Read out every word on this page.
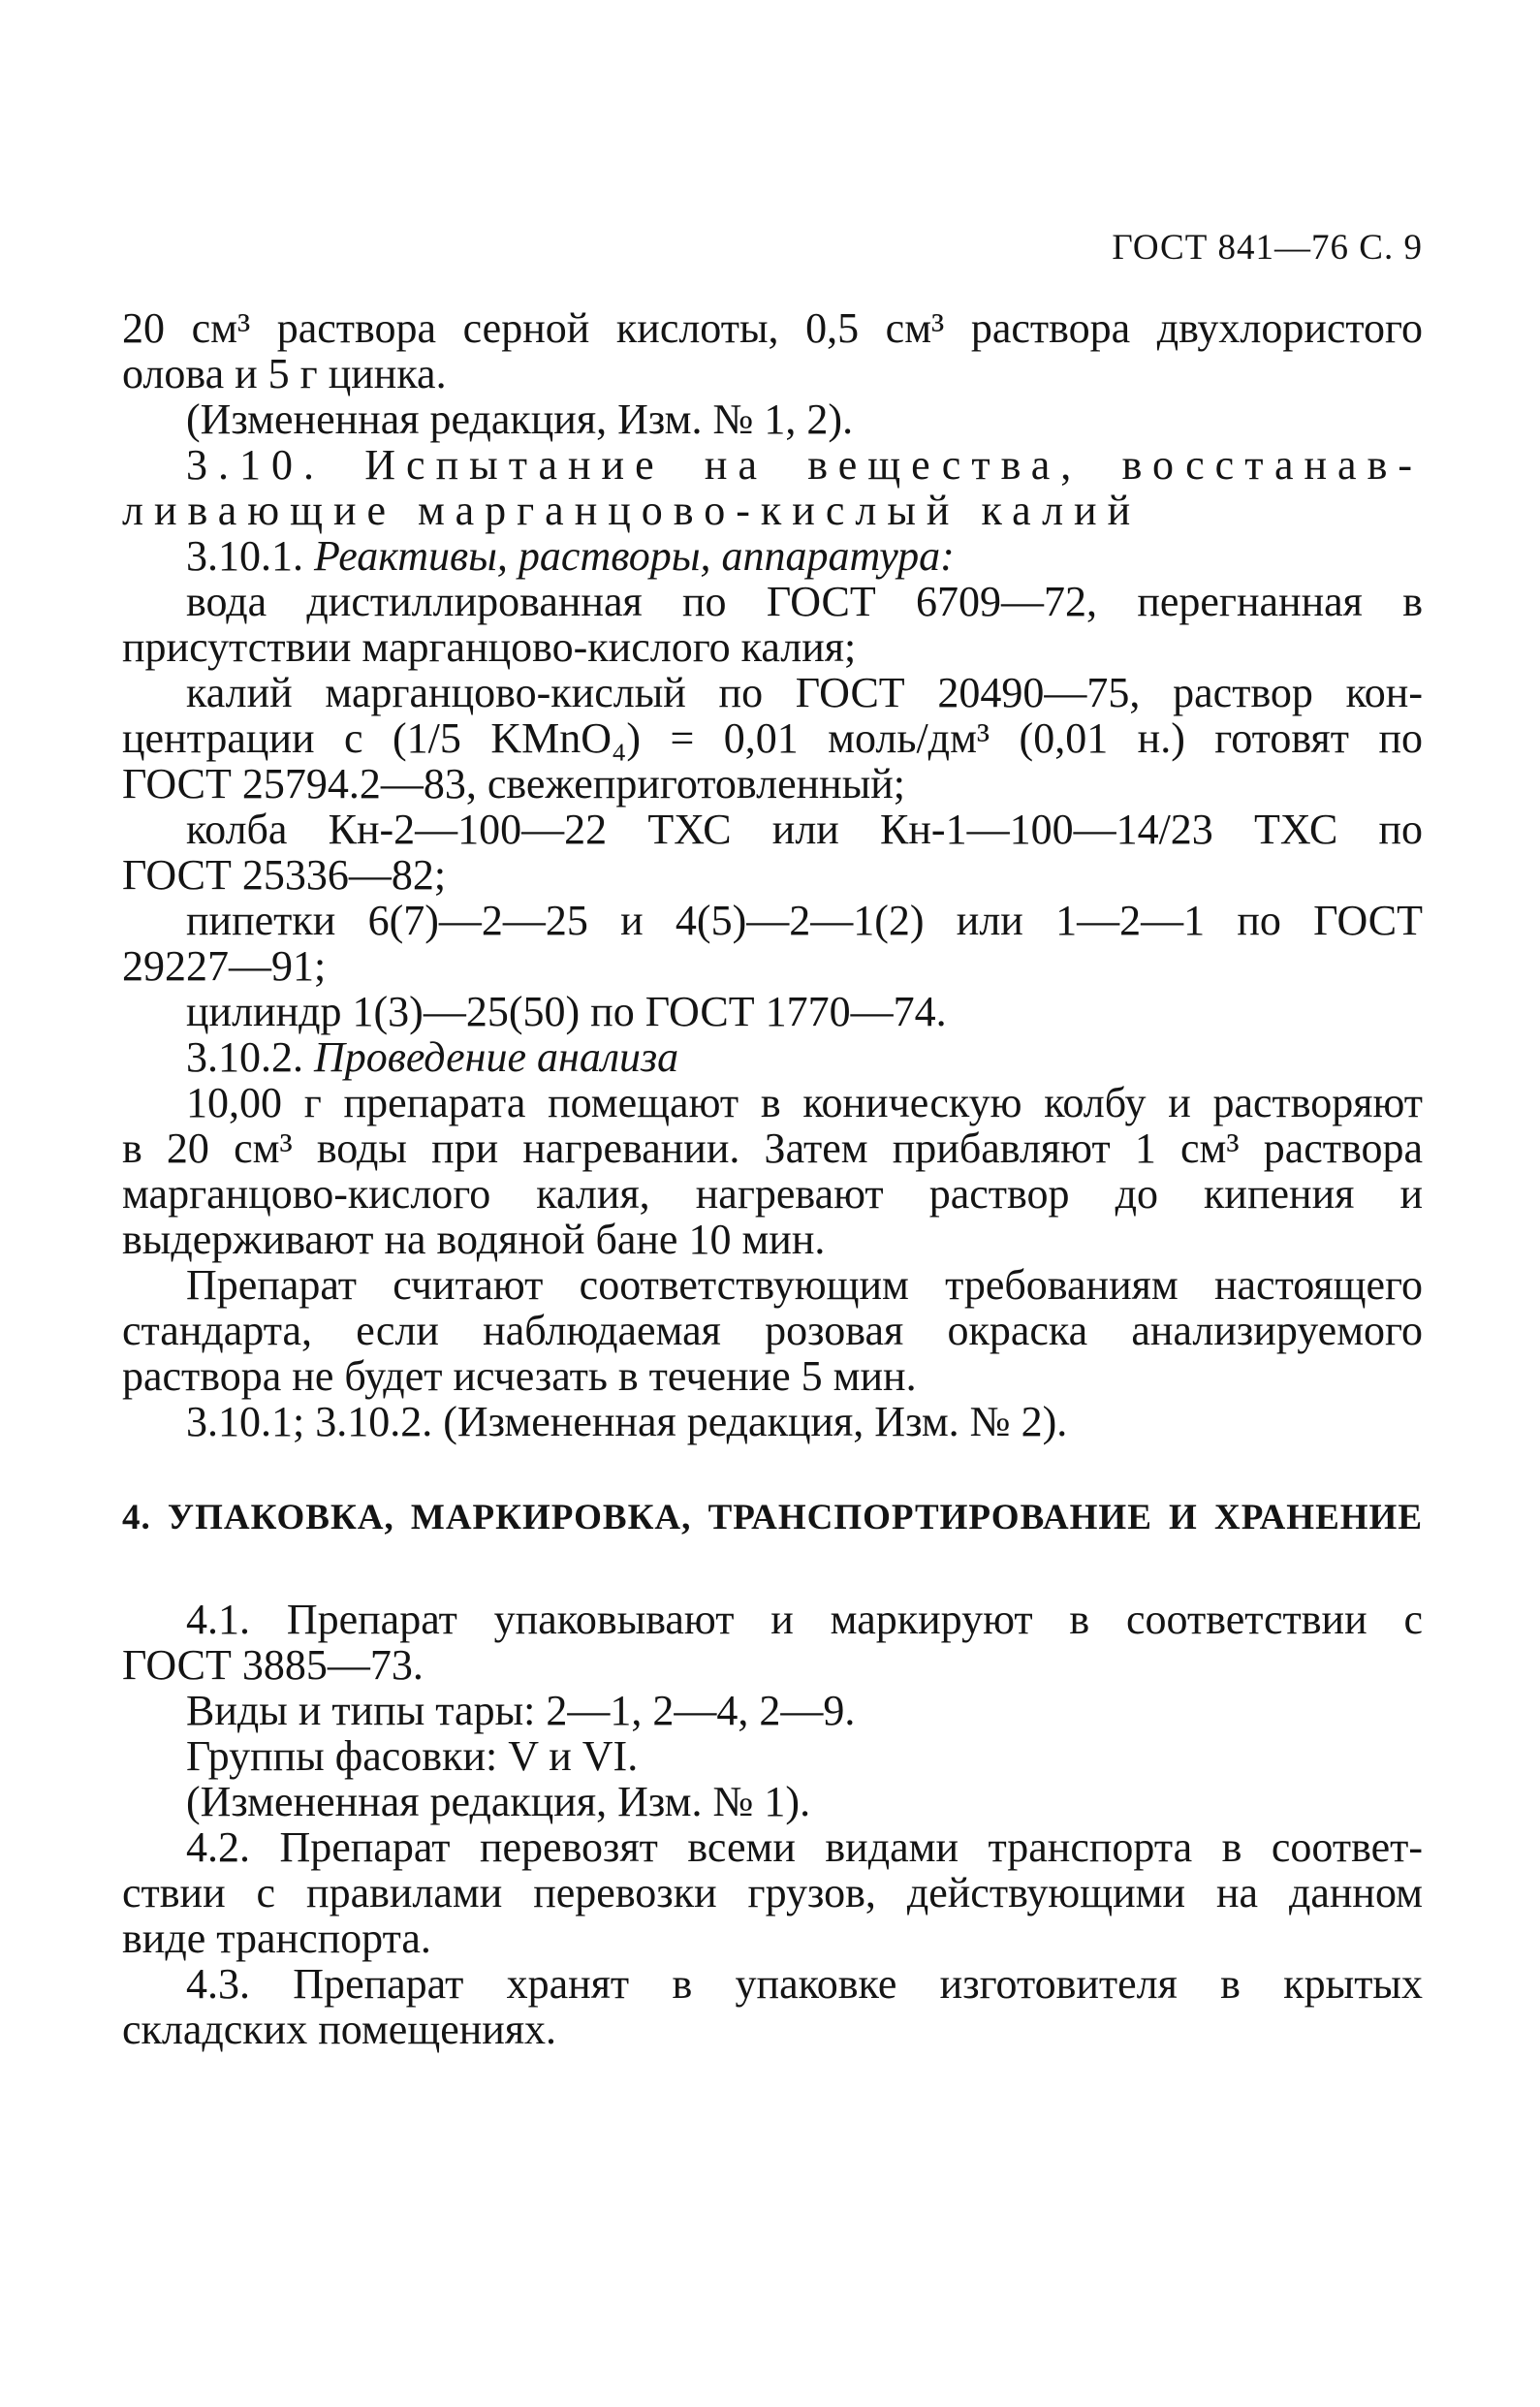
ГОСТ 841—76 С. 9
20 см³ раствора серной кислоты, 0,5 см³ раствора двухлористого
олова и 5 г цинка.
(Измененная редакция, Изм. № 1, 2).
3.10. Испытание на вещества, восстанав-
ливающие марганцово-кислый калий
3.10.1. Реактивы, растворы, аппаратура:
вода дистиллированная по ГОСТ 6709—72, перегнанная в
присутствии марганцово-кислого калия;
калий марганцово-кислый по ГОСТ 20490—75, раствор кон-
центрации c (1/5 KMnO₄) = 0,01 моль/дм³ (0,01 н.) готовят по
ГОСТ 25794.2—83, свежеприготовленный;
колба Кн-2—100—22 ТХС или Кн-1—100—14/23 ТХС по
ГОСТ 25336—82;
пипетки 6(7)—2—25 и 4(5)—2—1(2) или 1—2—1 по ГОСТ
29227—91;
цилиндр 1(3)—25(50) по ГОСТ 1770—74.
3.10.2. Проведение анализа
10,00 г препарата помещают в коническую колбу и растворяют
в 20 см³ воды при нагревании. Затем прибавляют 1 см³ раствора
марганцово-кислого калия, нагревают раствор до кипения и
выдерживают на водяной бане 10 мин.
Препарат считают соответствующим требованиям настоящего
стандарта, если наблюдаемая розовая окраска анализируемого
раствора не будет исчезать в течение 5 мин.
3.10.1; 3.10.2. (Измененная редакция, Изм. № 2).
4. УПАКОВКА, МАРКИРОВКА, ТРАНСПОРТИРОВАНИЕ И ХРАНЕНИЕ
4.1. Препарат упаковывают и маркируют в соответствии с
ГОСТ 3885—73.
Виды и типы тары: 2—1, 2—4, 2—9.
Группы фасовки: V и VI.
(Измененная редакция, Изм. № 1).
4.2. Препарат перевозят всеми видами транспорта в соответ-
ствии с правилами перевозки грузов, действующими на данном
виде транспорта.
4.3. Препарат хранят в упаковке изготовителя в крытых
складских помещениях.
